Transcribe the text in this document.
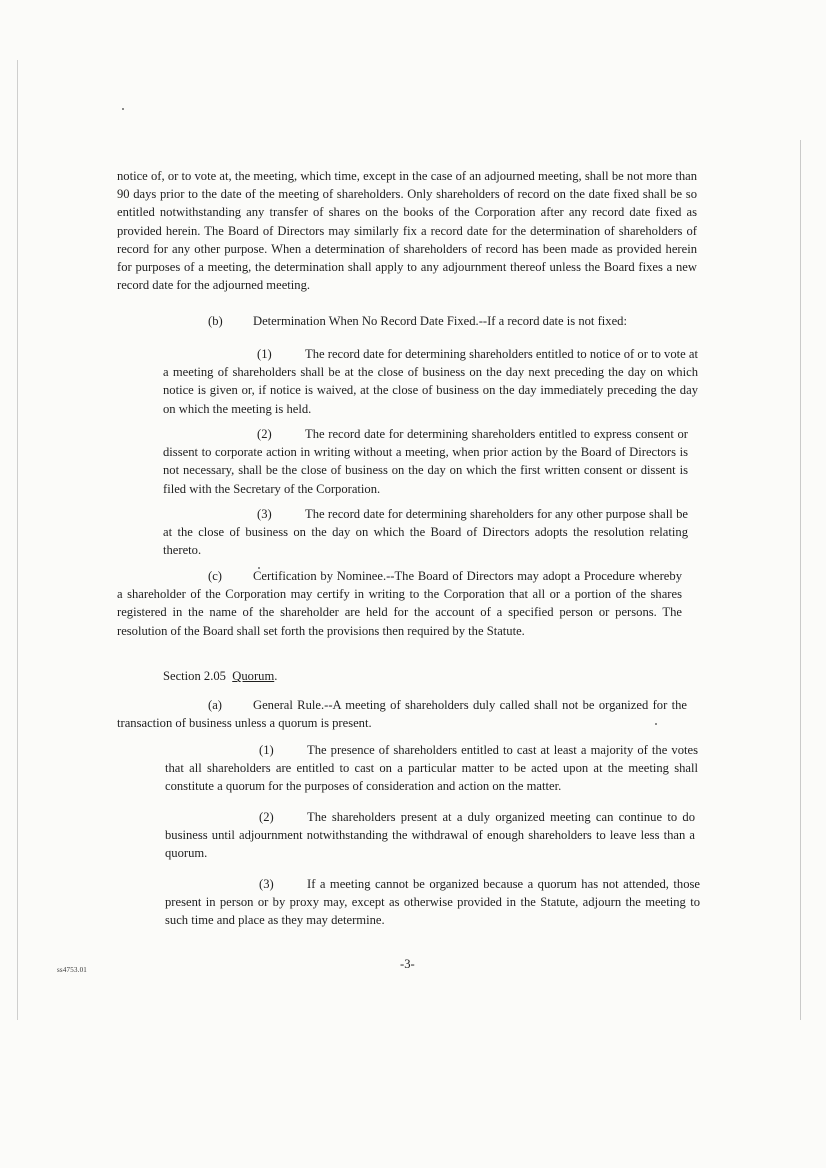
notice of, or to vote at, the meeting, which time, except in the case of an adjourned meeting, shall be not more than 90 days prior to the date of the meeting of shareholders. Only shareholders of record on the date fixed shall be so entitled notwithstanding any transfer of shares on the books of the Corporation after any record date fixed as provided herein. The Board of Directors may similarly fix a record date for the determination of shareholders of record for any other purpose. When a determination of shareholders of record has been made as provided herein for purposes of a meeting, the determination shall apply to any adjournment thereof unless the Board fixes a new record date for the adjourned meeting.

(b) Determination When No Record Date Fixed.--If a record date is not fixed:

(1)	The record date for determining shareholders entitled to notice of or to vote at a meeting of shareholders shall be at the close of business on the day next preceding the day on which notice is given or, if notice is waived, at the close of business on the day immediately preceding the day on which the meeting is held.

(2)	The record date for determining shareholders entitled to express consent or dissent to corporate action in writing without a meeting, when prior action by the Board of Directors is not necessary, shall be the close of business on the day on which the first written consent or dissent is filed with the Secretary of the Corporation.

(3)	The record date for determining shareholders for any other purpose shall be at the close of business on the day on which the Board of Directors adopts the resolution relating thereto.

(c) Certification by Nominee.--The Board of Directors may adopt a Procedure whereby a shareholder of the Corporation may certify in writing to the Corporation that all or a portion of the shares registered in the name of the shareholder are held for the account of a specified person or persons. The resolution of the Board shall set forth the provisions then required by the Statute.

Section 2.05 Quorum.

(a) General Rule.--A meeting of shareholders duly called shall not be organized for the transaction of business unless a quorum is present.

(1)	The presence of shareholders entitled to cast at least a majority of the votes that all shareholders are entitled to cast on a particular matter to be acted upon at the meeting shall constitute a quorum for the purposes of consideration and action on the matter.

(2)	The shareholders present at a duly organized meeting can continue to do business until adjournment notwithstanding the withdrawal of enough shareholders to leave less than a quorum.

(3)	If a meeting cannot be organized because a quorum has not attended, those present in person or by proxy may, except as otherwise provided in the Statute, adjourn the meeting to such time and place as they may determine.

ss4753.01	-3-
